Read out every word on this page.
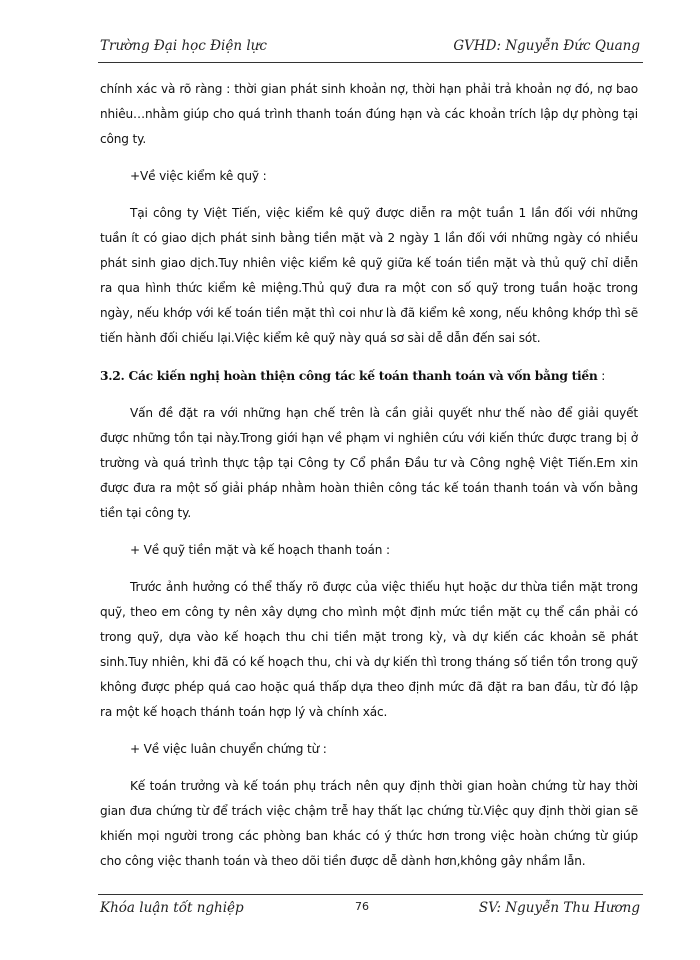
Trường Đại học Điện lực	GVHD: Nguyễn Đức Quang

chính xác và rõ ràng : thời gian phát sinh khoản nợ, thời hạn phải trả khoản nợ đó, nợ bao nhiêu…nhằm giúp cho quá trình thanh toán đúng hạn và các khoản trích lập dự phòng tại công ty.

+Về việc kiểm kê quỹ :

Tại công ty Việt Tiến, việc kiểm kê quỹ được diễn ra một tuần 1 lần đối với những tuần ít có giao dịch phát sinh bằng tiền mặt và 2 ngày 1 lần đối với những ngày có nhiều phát sinh giao dịch.Tuy nhiên việc kiểm kê quỹ giữa kế toán tiền mặt và thủ quỹ chỉ diễn ra qua hình thức kiểm kê miệng.Thủ quỹ đưa ra một con số quỹ trong tuần hoặc trong ngày, nếu khớp với kế toán tiền mặt thì coi như là đã kiểm kê xong, nếu không khớp thì sẽ tiến hành đối chiếu lại.Việc kiểm kê quỹ này quá sơ sài dễ dẫn đến sai sót.

3.2. Các kiến nghị hoàn thiện công tác kế toán thanh toán và vốn bằng tiền :

Vấn đề đặt ra với những hạn chế trên là cần giải quyết như thế nào để giải quyết được những tồn tại này.Trong giới hạn về phạm vi nghiên cứu với kiến thức được trang bị ở trường và quá trình thực tập tại Công ty Cổ phần Đầu tư và Công nghệ Việt Tiến.Em xin được đưa ra một số giải pháp nhằm hoàn thiên công tác kế toán thanh toán và vốn bằng tiền tại công ty.

+ Về quỹ tiền mặt và kế hoạch thanh toán :

Trước ảnh hưởng có thể thấy rõ được của việc thiếu hụt hoặc dư thừa tiền mặt trong quỹ, theo em công ty nên xây dựng cho mình một định mức tiền mặt cụ thể cần phải có trong quỹ, dựa vào kế hoạch thu chi tiền mặt trong kỳ, và dự kiến các khoản sẽ phát sinh.Tuy nhiên, khi đã có kế hoạch thu, chi và dự kiến thì trong tháng số tiền tồn trong quỹ không được phép quá cao hoặc quá thấp dựa theo định mức đã đặt ra ban đầu, từ đó lập ra một kế hoạch thánh toán hợp lý và chính xác.

+ Về việc luân chuyển chứng từ :

Kế toán trưởng và kế toán phụ trách nên quy định thời gian hoàn chứng từ hay thời gian đưa chứng từ để trách việc chậm trễ hay thất lạc chứng từ.Việc quy định thời gian sẽ khiến mọi người trong các phòng ban khác có ý thức hơn trong việc hoàn chứng từ giúp cho công việc thanh toán và theo dõi tiền được dễ dành hơn,không gây nhầm lẫn.

Khóa luận tốt nghiệp	76	SV: Nguyễn Thu Hương
